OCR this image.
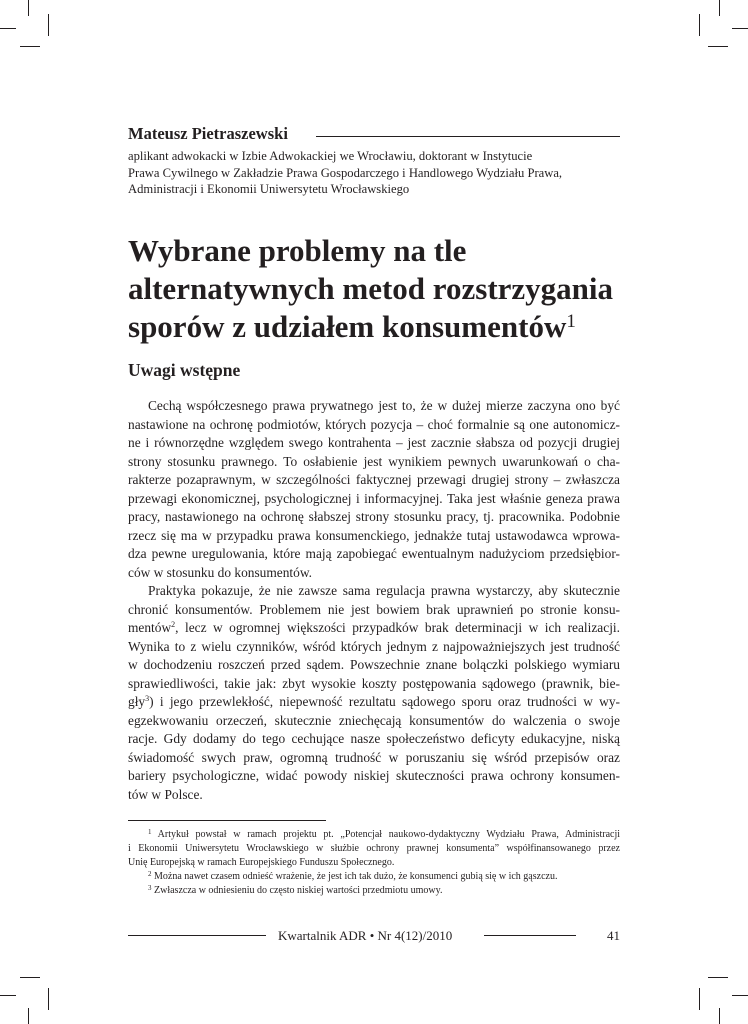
Mateusz Pietraszewski
aplikant adwokacki w Izbie Adwokackiej we Wrocławiu, doktorant w Instytucie
Prawa Cywilnego w Zakładzie Prawa Gospodarczego i Handlowego Wydziału Prawa,
Administracji i Ekonomii Uniwersytetu Wrocławskiego
Wybrane problemy na tle
alternatywnych metod rozstrzygania
sporów z udziałem konsumentów$^1$
Uwagi wstępne
Cechą współczesnego prawa prywatnego jest to, że w dużej mierze zaczyna ono być
nastawione na ochronę podmiotów, których pozycja – choć formalnie są one autonomicz-
ne i równorzędne względem swego kontrahenta – jest zacznie słabsza od pozycji drugiej
strony stosunku prawnego. To osłabienie jest wynikiem pewnych uwarunkowań o cha-
rakterze pozaprawnym, w szczególności faktycznej przewagi drugiej strony – zwłaszcza
przewagi ekonomicznej, psychologicznej i informacyjnej. Taka jest właśnie geneza prawa
pracy, nastawionego na ochronę słabszej strony stosunku pracy, tj. pracownika. Podobnie
rzecz się ma w przypadku prawa konsumenckiego, jednakże tutaj ustawodawca wprowa-
dza pewne uregulowania, które mają zapobiegać ewentualnym nadużyciom przedsiębior-
ców w stosunku do konsumentów.
Praktyka pokazuje, że nie zawsze sama regulacja prawna wystarczy, aby skutecznie
chronić konsumentów. Problemem nie jest bowiem brak uprawnień po stronie konsu-
mentów$^2$, lecz w ogromnej większości przypadków brak determinacji w ich realizacji.
Wynika to z wielu czynników, wśród których jednym z najpoważniejszych jest trudność
w dochodzeniu roszczeń przed sądem. Powszechnie znane bolączki polskiego wymiaru
sprawiedliwości, takie jak: zbyt wysokie koszty postępowania sądowego (prawnik, bie-
gły$^3$) i jego przewlekłość, niepewność rezultatu sądowego sporu oraz trudności w wy-
egzekwowaniu orzeczeń, skutecznie zniechęcają konsumentów do walczenia o swoje
racje. Gdy dodamy do tego cechujące nasze społeczeństwo deficyty edukacyjne, niską
świadomość swych praw, ogromną trudność w poruszaniu się wśród przepisów oraz
bariery psychologiczne, widać powody niskiej skuteczności prawa ochrony konsumen-
tów w Polsce.
$^1$ Artykuł powstał w ramach projektu pt. „Potencjał naukowo-dydaktyczny Wydziału Prawa, Administracji
i Ekonomii Uniwersytetu Wrocławskiego w służbie ochrony prawnej konsumenta” współfinansowanego przez
Unię Europejską w ramach Europejskiego Funduszu Społecznego.
$^2$ Można nawet czasem odnieść wrażenie, że jest ich tak dużo, że konsumenci gubią się w ich gąszczu.
$^3$ Zwłaszcza w odniesieniu do często niskiej wartości przedmiotu umowy.
Kwartalnik ADR • Nr 4(12)/2010	41
